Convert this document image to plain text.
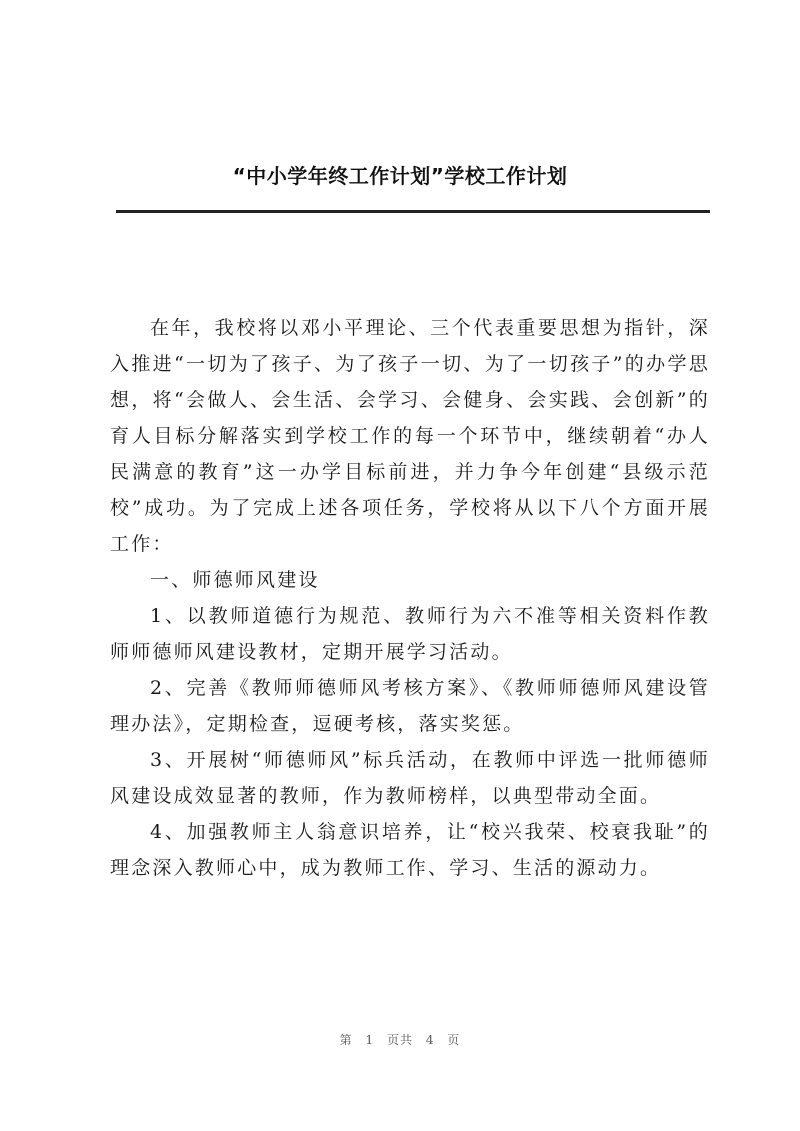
“中小学年终工作计划”学校工作计划

在年，我校将以邓小平理论、三个代表重要思想为指针，深入推进“一切为了孩子、为了孩子一切、为了一切孩子”的办学思想，将“会做人、会生活、会学习、会健身、会实践、会创新”的育人目标分解落实到学校工作的每一个环节中，继续朝着“办人民满意的教育”这一办学目标前进，并力争今年创建“县级示范校”成功。为了完成上述各项任务，学校将从以下八个方面开展工作：

一、师德师风建设

1、以教师道德行为规范、教师行为六不准等相关资料作教师师德师风建设教材，定期开展学习活动。

2、完善《教师师德师风考核方案》、《教师师德师风建设管理办法》，定期检查，逗硬考核，落实奖惩。

3、开展树“师德师风”标兵活动，在教师中评选一批师德师风建设成效显著的教师，作为教师榜样，以典型带动全面。

4、加强教师主人翁意识培养，让“校兴我荣、校衰我耻”的理念深入教师心中，成为教师工作、学习、生活的源动力。

第 1 页共 4 页
